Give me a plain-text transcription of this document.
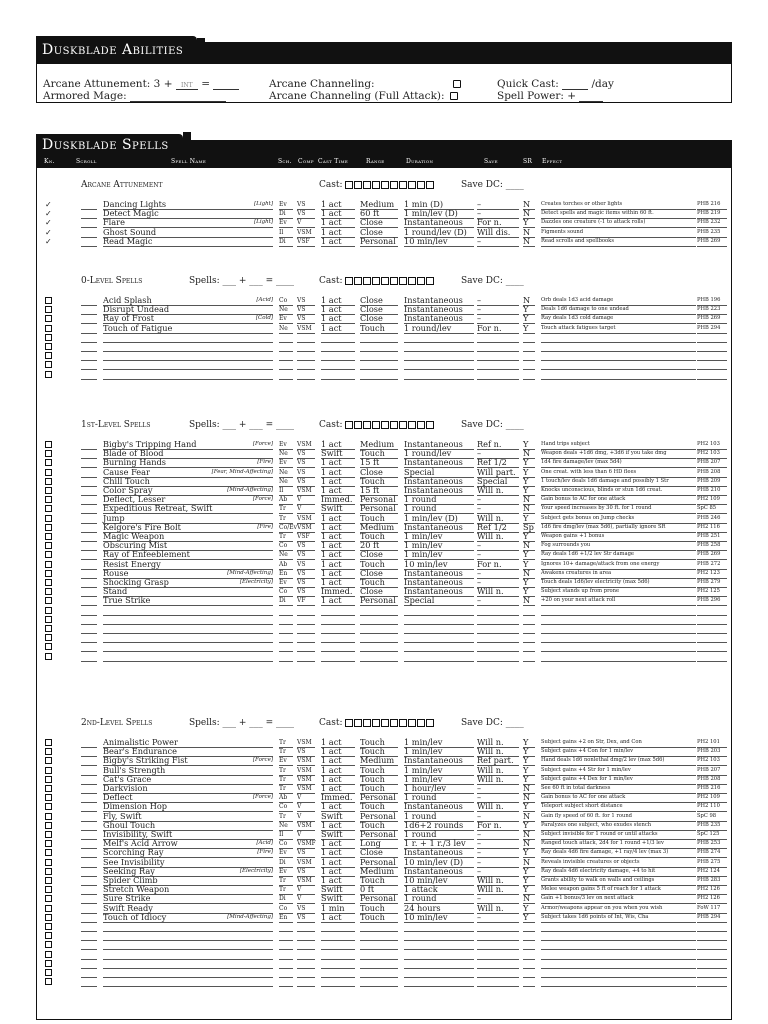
Duskblade Abilities
Arcane Attunement: 3 + INT =
Armored Mage:
Arcane Channeling:
Arcane Channeling (Full Attack):
Quick Cast:	/day
Spell Power: +
Duskblade Spells
Kn.	Scroll	Spell Name	Sch. Comp Cast Time	Range	Duration	Save	SR Effect
Arcane Attunement	Cast:	Save DC: ____
✓	Dancing Lights	Ev	VS	1 act	Medium	1 min (D)	–	N	Creates torches or other lights	PHB 216
[Light]
✓	Detect Magic	Di	VS	1 act	60 ft	1 min/lev (D)	–	N	Detect spells and magic items within 60 ft.	PHB 219
✓	Flare	Ev	V	1 act	Close	Instantaneous	For n.	Y	Dazzles one creature (-1 to attack rolls)	PHB 232
[Light]
✓	Ghost Sound	Il	VSM	1 act	Close	1 round/lev (D)	Will dis.	N	Figments sound	PHB 235
✓	Read Magic	Di	VSF	1 act	Personal 10 min/lev	–	N	Read scrolls and spellbooks	PHB 269
0-Level Spells	Spells: ___ + ___ = ____	Cast:	Save DC: ____
Acid Splash	Co	VS	1 act	Close	Instantaneous	–	N	Orb deals 1d3 acid damage	PHB 196
[Acid]
Disrupt Undead	Ne	VS	1 act	Close	Instantaneous	–	Y	Deals 1d6 damage to one undead	PHB 223
Ray of Frost	Ev	VS	1 act	Close	Instantaneous	–	Y	Ray deals 1d3 cold damage	PHB 269
[Cold]
Touch of Fatigue	Ne	VSM	1 act	Touch	1 round/lev	For n.	Y	Touch attack fatigues target	PHB 294
1st-Level Spells	Spells: ___ + ___ = ____	Cast:	Save DC: ____
Bigby's Tripping Hand	Ev	VSM	1 act	Medium	Instantaneous	Ref n.	Y	Hand trips subject	PH2 103
[Force]
Blade of Blood	Ne	VS	Swift	Touch	1 round/lev	–	N	Weapon deals +1d6 dmg, +3d6 if you take dmg	PH2 103
Burning Hands	Ev	VS	1 act	15 ft	Instantaneous	Ref 1/2	Y	1d4 fire damage/lev (max 5d4)	PHB 207
[Fire]
Cause Fear	Ne	VS	1 act	Close	Special	Will part. Y	One creat. with less than 6 HD flees	PHB 208
[Fear, Mind-Affecting]
Chill Touch	Ne	VS	1 act	Touch	Instantaneous	Special	Y	1 touch/lev deals 1d6 damage and possibly 1 Str	PHB 209
Color Spray	Il	VSM	1 act	15 ft	Instantaneous	Will n.	Y	Knocks unconscious, blinds or stun 1d6 creat.	PHB 210
[Mind-Affecting]
Deflect, Lesser	Ab	V	Immed. Personal 1 round	–	N	Gain bonus to AC for one attack	PH2 109
[Force]
Expeditious Retreat, Swift	Tr	V	Swift	Personal 1 round	–	N	Your speed increases by 30 ft. for 1 round	SpC 85
Jump	Tr	VSM	1 act	Touch	1 min/lev (D)	Will n.	Y	Subject gets bonus on Jump checks	PHB 246
Kelgore's Fire Bolt	Co/Ev VSM	1 act	Medium	Instantaneous	Ref 1/2	Sp 1d6 fire dmg/lev (max 5d6), partially ignore SR	PH2 116
[Fire]
Magic Weapon	Tr	VSF	1 act	Touch	1 min/lev	Will n.	Y	Weapon gains +1 bonus	PHB 251
Obscuring Mist	Co	VS	1 act	20 ft	1 min/lev	–	N	Fog surrounds you	PHB 258
Ray of Enfeeblement	Ne	VS	1 act	Close	1 min/lev	–	Y	Ray deals 1d6 +1/2 lev Str damage	PHB 269
Resist Energy	Ab	VS	1 act	Touch	10 min/lev	For n.	Y	Ignores 10+ damage/attack from one energy	PHB 272
Rouse	En	VS	1 act	Close	Instantaneous	–	N	Awakens creatures in area	PH2 123
[Mind-Affecting]
Shocking Grasp	Ev	VS	1 act	Touch	Instantaneous	–	Y	Touch deals 1d6/lev electricity (max 5d6)	PHB 279
[Electricity]
Stand	Co	VS	Immed. Close	Instantaneous	Will n.	Y	Subject stands up from prone	PH2 125
True Strike	Di	VF	1 act	Personal Special	–	N	+20 on your next attack roll	PHB 296
2nd-Level Spells	Spells: ___ + ___ = ____	Cast:	Save DC: ____
Animalistic Power	Tr	VSM	1 act	Touch	1 min/lev	Will n.	Y	Subject gains +2 on Str, Dex, and Con	PH2 101
Bear's Endurance	Tr	VS	1 act	Touch	1 min/lev	Will n.	Y	Subject gains +4 Con for 1 min/lev	PHB 203
Bigby's Striking Fist	Ev	VSM	1 act	Medium	Instantaneous	Ref part.	Y	Hand deals 1d6 nonlethal dmg/2 lev (max 5d6)	PH2 103
[Force]
Bull's Strength	Tr	VSM	1 act	Touch	1 min/lev	Will n.	Y	Subject gains +4 Str for 1 min/lev	PHB 207
Cat's Grace	Tr	VSM	1 act	Touch	1 min/lev	Will n.	Y	Subject gains +4 Dex for 1 min/lev	PHB 208
Darkvision	Tr	VSM	1 act	Touch	1 hour/lev	–	N	See 60 ft in total darkness	PHB 216
Deflect	Ab	V	Immed. Personal 1 round	–	N	Gain bonus to AC for one attack	PH2 109
[Force]
Dimension Hop	Co	V	1 act	Touch	Instantaneous	Will n.	Y	Teleport subject short distance	PH2 110
Fly, Swift	Tr	V	Swift	Personal 1 round	–	N	Gain fly speed of 60 ft. for 1 round	SpC 98
Ghoul Touch	Ne	VSM	1 act	Touch	1d6+2 rounds	For n.	Y	Paralyzes one subject, who exudes stench	PHB 235
Invisibility, Swift	Il	V	Swift	Personal 1 round	–	N	Subject invisible for 1 round or until attacks	SpC 125
Melf's Acid Arrow	Co	VSMF 1 act	Long	1 r. + 1 r./3 lev	–	N	Ranged touch attack, 2d4 for 1 round +1/3 lev	PHB 253
[Acid]
Scorching Ray	Ev	VS	1 act	Close	Instantaneous	–	Y	Ray deals 4d6 fire damage, +1 ray/4 lev (max 3)	PHB 274
[Fire]
See Invisibility	Di	VSM	1 act	Personal 10 min/lev (D)	–	N	Reveals invisible creatures or objects	PHB 275
Seeking Ray	Ev	VS	1 act	Medium	Instantaneous	–	Y	Ray deals 4d6 electricity damage, +4 to hit	PH2 124
[Electricity]
Spider Climb	Tr	VSM	1 act	Touch	10 min/lev	Will n.	Y	Grants ability to walk on walls and ceilings	PHB 283
Stretch Weapon	Tr	V	Swift	0 ft	1 attack	Will n.	Y	Melee weapon gains 5 ft of reach for 1 attack	PH2 126
Sure Strike	Di	V	Swift	Personal 1 round	–	N	Gain +1 bonus/3 lev on next attack	PH2 126
Swift Ready	Co	VS	1 min	Touch	24 hours	Will n.	Y	Armor/weapons appear on you when you wish	FoW 117
Touch of Idiocy	En	VS	1 act	Touch	10 min/lev	–	Y	Subject takes 1d6 points of Int, Wis, Cha	PHB 294
[Mind-Affecting]
